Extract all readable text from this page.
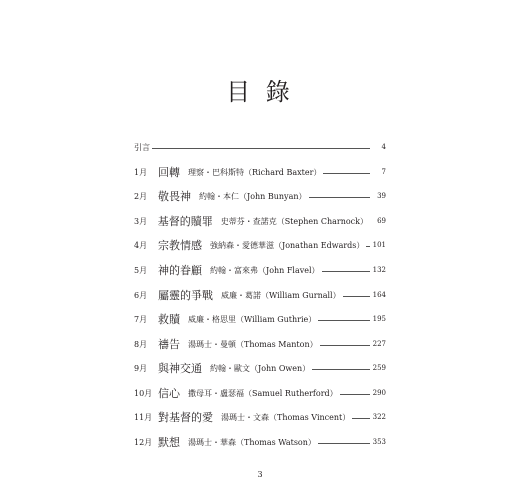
目 錄
引言	4
1月 回轉 理察・巴科斯特（Richard Baxter）	7
2月 敬畏神 約翰・本仁（John Bunyan）	39
3月 基督的贖罪 史蒂芬・查諾克（Stephen Charnock）	69
4月 宗教情感 強納森・愛德華滋（Jonathan Edwards） 101
5月 神的眷顧 約翰・富來弗（John Flavel）	132
6月 屬靈的爭戰 威廉・葛諾（William Gurnall）	164
7月 救贖 威廉・格思里（William Guthrie）	195
8月 禱告 湯瑪士・曼頓（Thomas Manton）	227
9月 與神交通 約翰・歐文（John Owen）	259
10月 信心 撒母耳・盧瑟福（Samuel Rutherford）	290
11月 對基督的愛 湯瑪士・文森（Thomas Vincent）	322
12月 默想 湯瑪士・華森（Thomas Watson）	353
3
